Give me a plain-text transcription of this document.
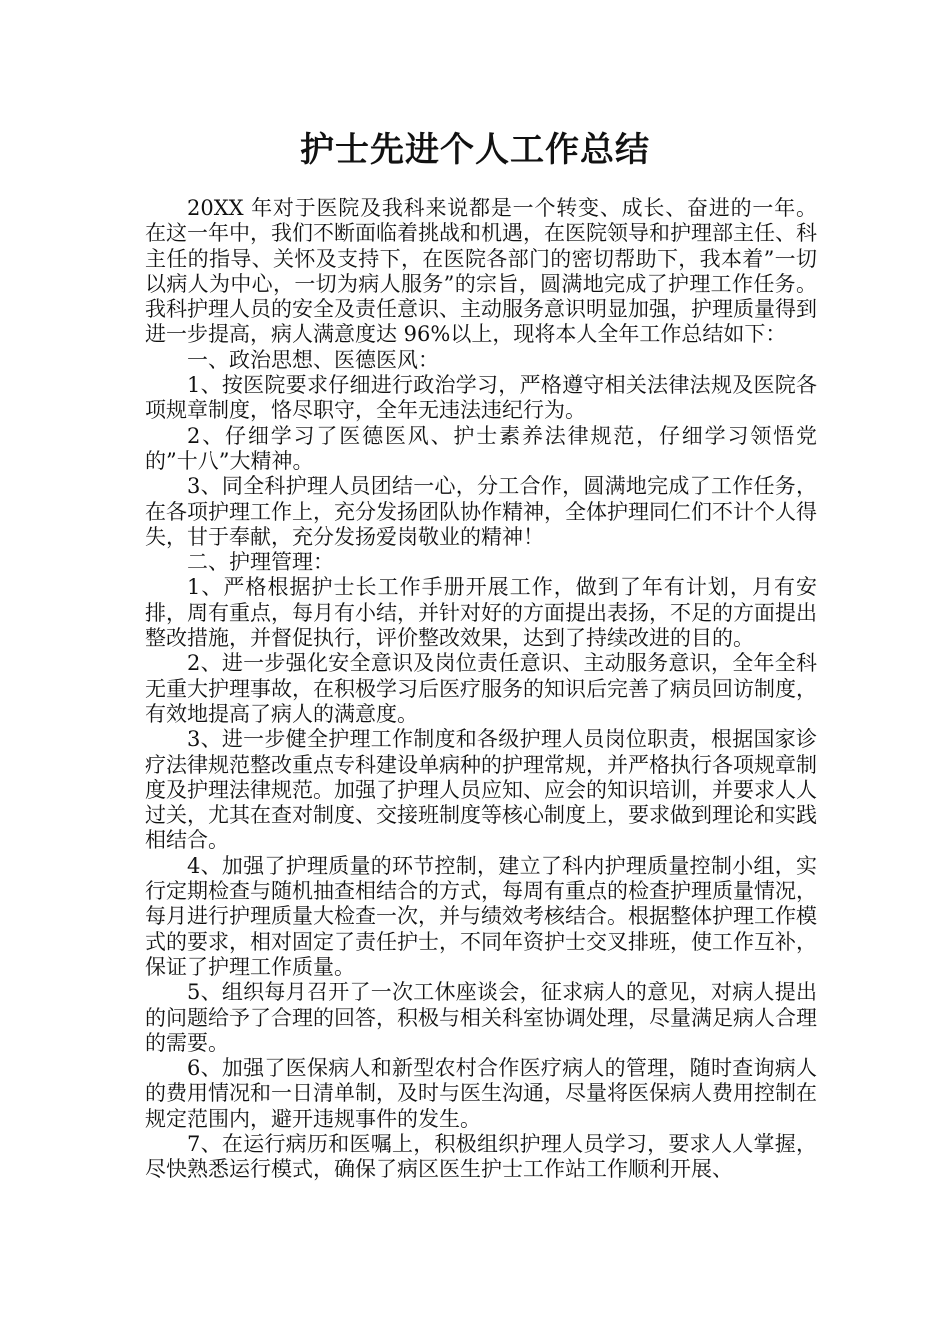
护士先进个人工作总结

20XX 年对于医院及我科来说都是一个转变、成长、奋进的一年。在这一年中，我们不断面临着挑战和机遇，在医院领导和护理部主任、科主任的指导、关怀及支持下，在医院各部门的密切帮助下，我本着”一切以病人为中心，一切为病人服务”的宗旨，圆满地完成了护理工作任务。我科护理人员的安全及责任意识、主动服务意识明显加强，护理质量得到进一步提高，病人满意度达 96%以上，现将本人全年工作总结如下：

一、政治思想、医德医风：

1、按医院要求仔细进行政治学习，严格遵守相关法律法规及医院各项规章制度，恪尽职守，全年无违法违纪行为。

2、仔细学习了医德医风、护士素养法律规范，仔细学习领悟党的”十八”大精神。

3、同全科护理人员团结一心，分工合作，圆满地完成了工作任务，在各项护理工作上，充分发扬团队协作精神，全体护理同仁们不计个人得失，甘于奉献，充分发扬爱岗敬业的精神！

二、护理管理：

1、严格根据护士长工作手册开展工作，做到了年有计划，月有安排，周有重点，每月有小结，并针对好的方面提出表扬，不足的方面提出整改措施，并督促执行，评价整改效果，达到了持续改进的目的。

2、进一步强化安全意识及岗位责任意识、主动服务意识，全年全科无重大护理事故，在积极学习后医疗服务的知识后完善了病员回访制度，有效地提高了病人的满意度。

3、进一步健全护理工作制度和各级护理人员岗位职责，根据国家诊疗法律规范整改重点专科建设单病种的护理常规，并严格执行各项规章制度及护理法律规范。加强了护理人员应知、应会的知识培训，并要求人人过关，尤其在查对制度、交接班制度等核心制度上，要求做到理论和实践相结合。

4、加强了护理质量的环节控制，建立了科内护理质量控制小组，实行定期检查与随机抽查相结合的方式，每周有重点的检查护理质量情况，每月进行护理质量大检查一次，并与绩效考核结合。根据整体护理工作模式的要求，相对固定了责任护士，不同年资护士交叉排班，使工作互补，保证了护理工作质量。

5、组织每月召开了一次工休座谈会，征求病人的意见，对病人提出的问题给予了合理的回答，积极与相关科室协调处理，尽量满足病人合理的需要。

6、加强了医保病人和新型农村合作医疗病人的管理，随时查询病人的费用情况和一日清单制，及时与医生沟通，尽量将医保病人费用控制在规定范围内，避开违规事件的发生。

7、在运行病历和医嘱上，积极组织护理人员学习，要求人人掌握，尽快熟悉运行模式，确保了病区医生护士工作站工作顺利开展、
